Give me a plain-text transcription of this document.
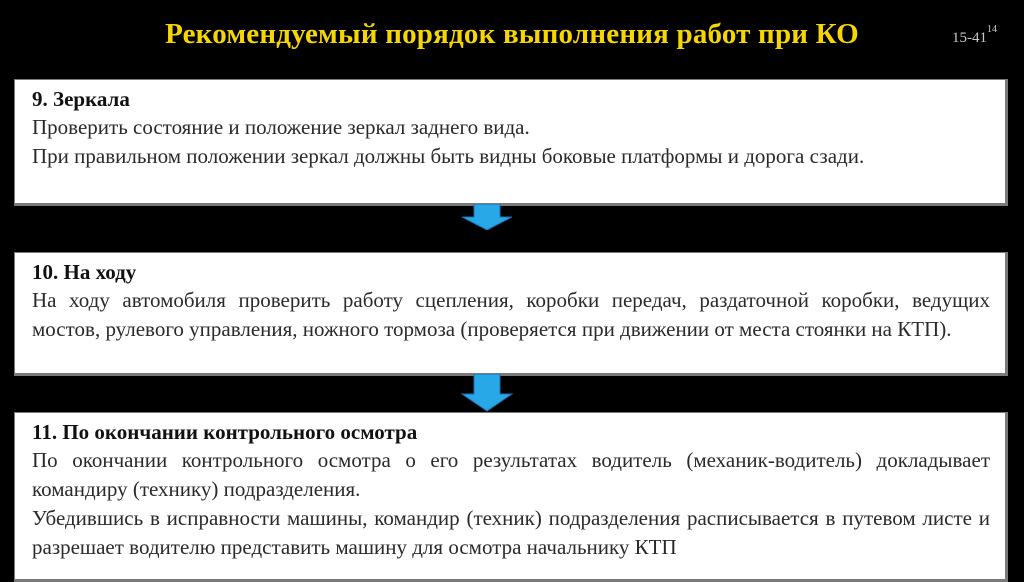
Рекомендуемый порядок выполнения работ при КО	$15-41^{14}$
9. Зеркала

Проверить состояние и положение зеркал заднего вида.

При правильном положении зеркал должны быть видны боковые платформы и дорога сзади.

10. На ходу

На ходу автомобиля проверить работу сцепления, коробки передач, раздаточной коробки, ведущих мостов, рулевого управления, ножного тормоза (проверяется при движении от места стоянки на КТП).

11. По окончании контрольного осмотра

По окончании контрольного осмотра о его результатах водитель (механик-водитель) докладывает командиру (технику) подразделения.

Убедившись в исправности машины, командир (техник) подразделения расписывается в путевом листе и разрешает водителю представить машину для осмотра начальнику КТП
